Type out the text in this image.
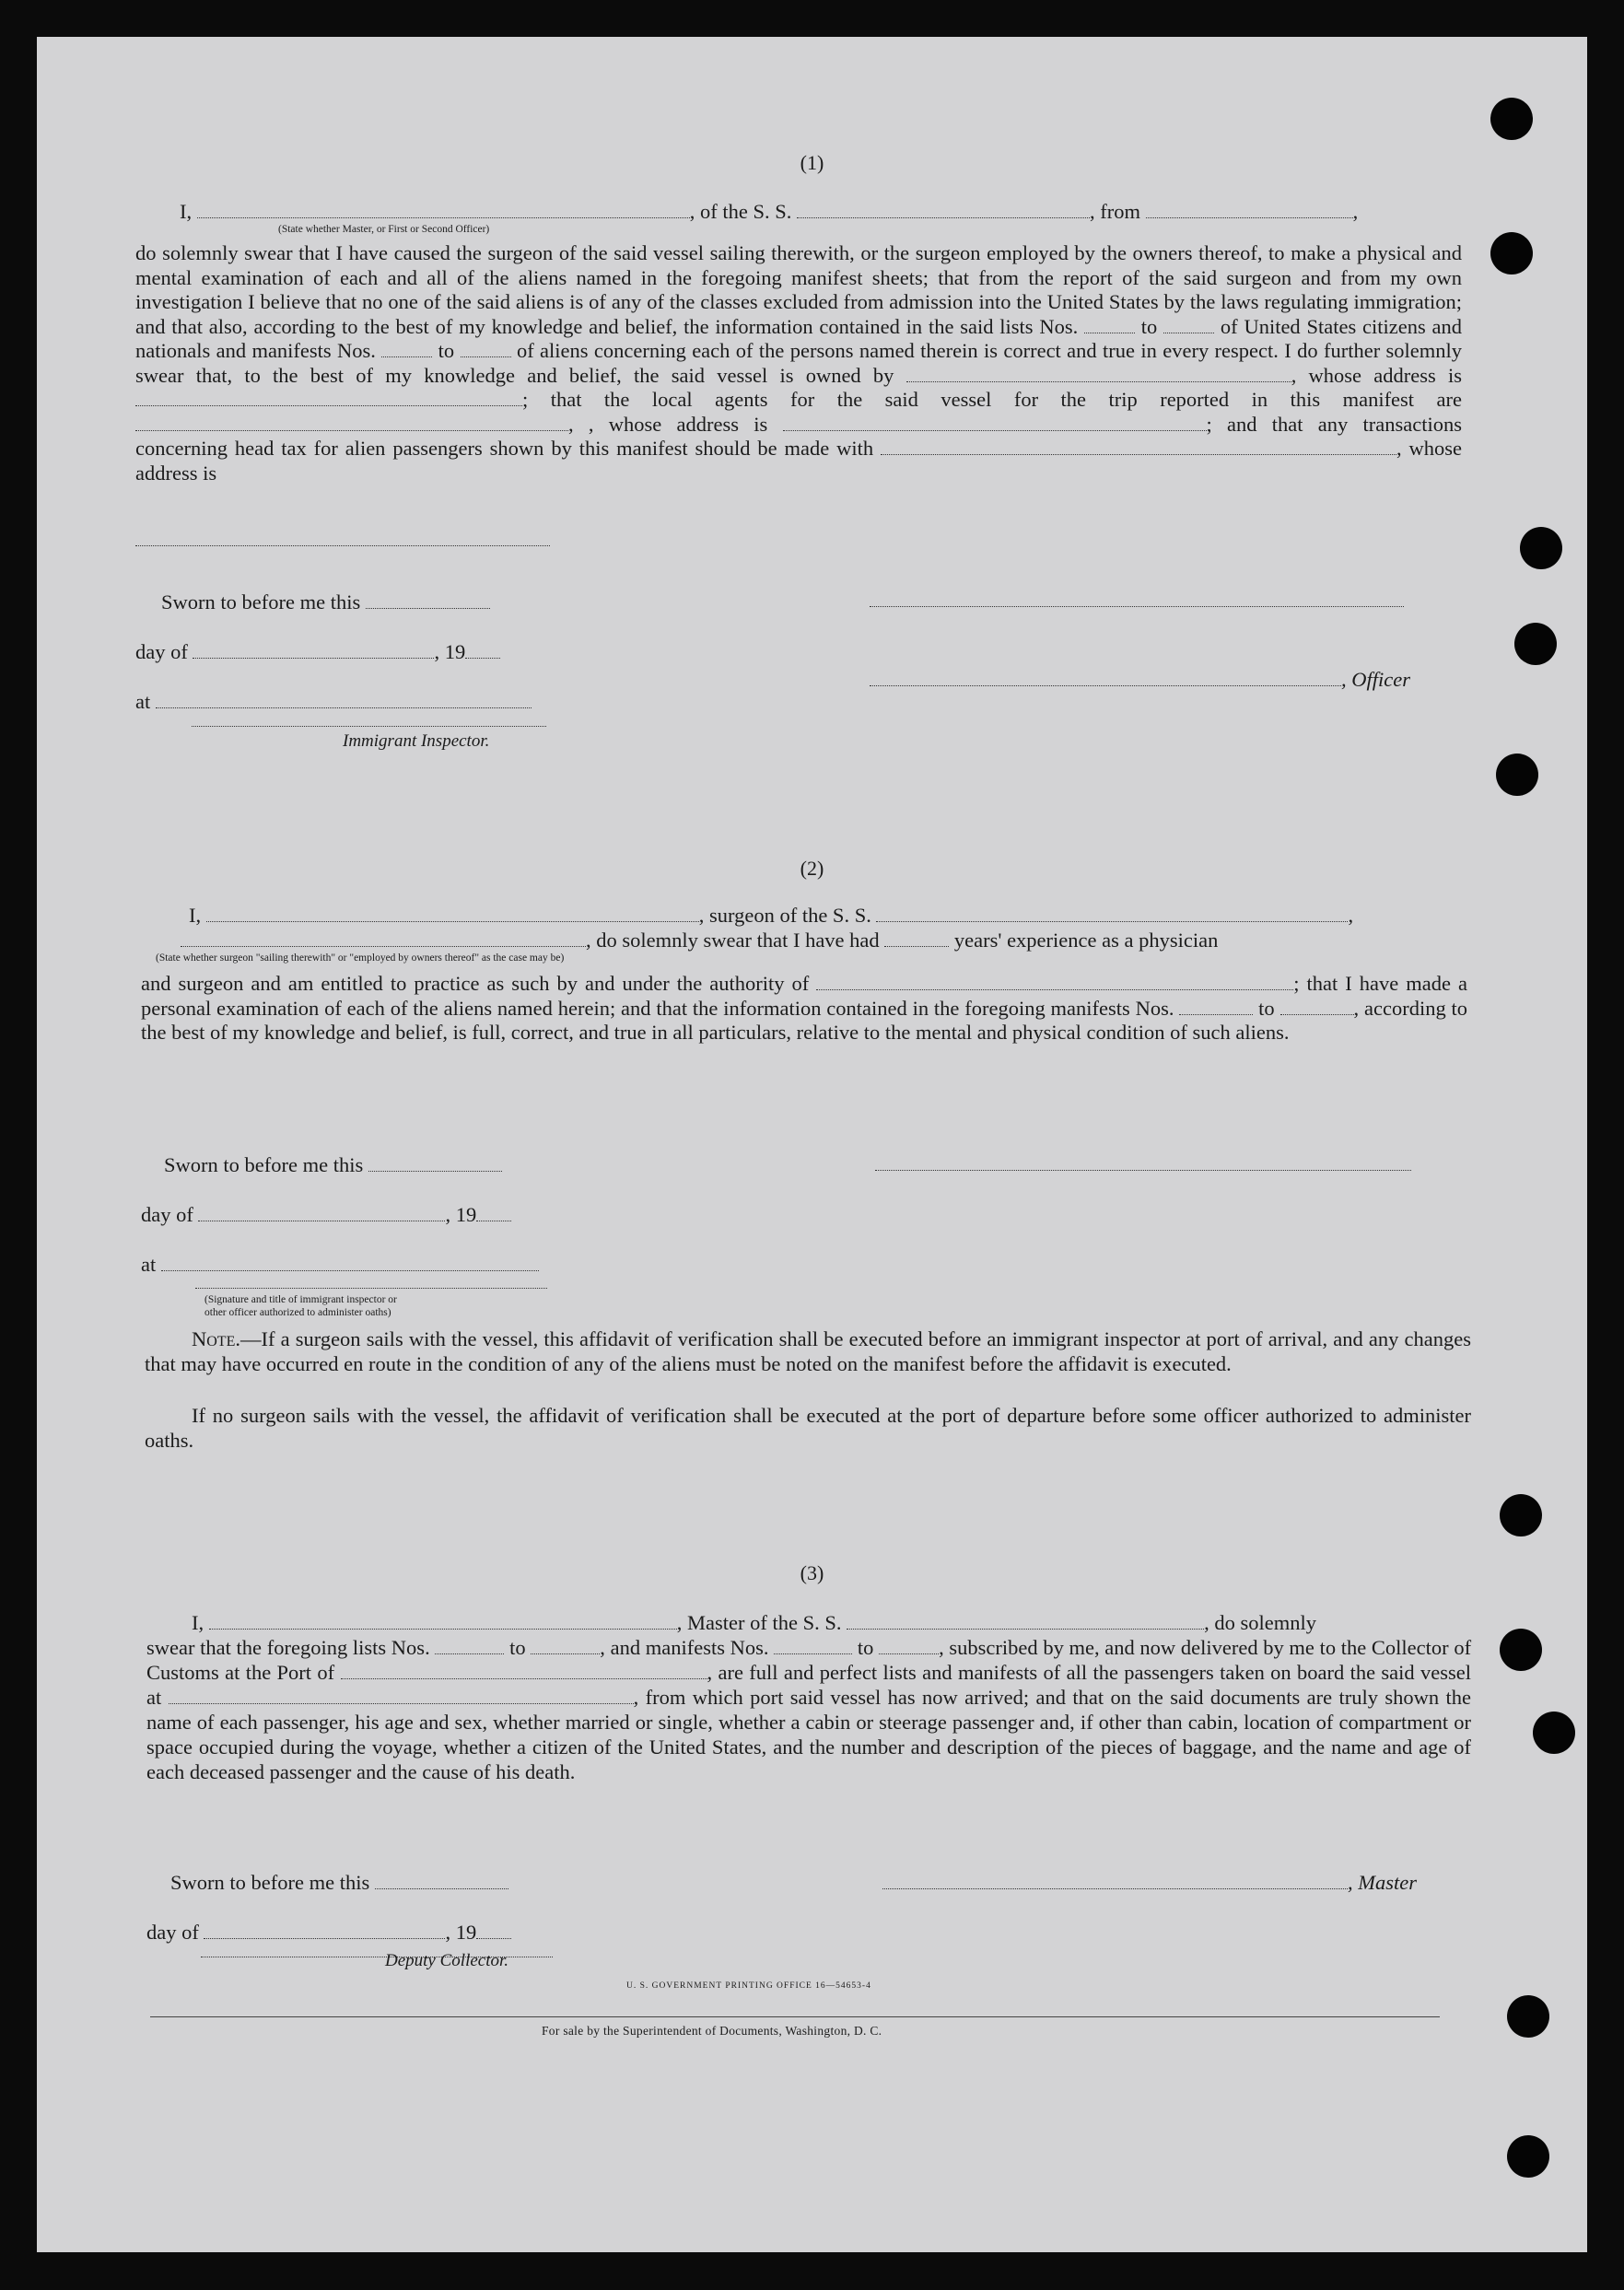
(1)
I,	, of the S. S.	, from	,
(State whether Master, or First or Second Officer)

do solemnly swear that I have caused the surgeon of the said vessel sailing therewith, or the surgeon employed by the owners thereof, to make a physical and mental examination of each and all of the aliens named in the foregoing manifest sheets; that from the report of the said surgeon and from my own investigation I believe that no one of the said aliens is of any of the classes excluded from admission into the United States by the laws regulating immigration; and that also, according to the best of my knowledge and belief, the information contained in the said lists Nos.	to	of United States citizens and nationals and manifests Nos.	to	of aliens concerning each of the persons named therein is correct and true in every respect. I do further solemnly swear that, to the best of my knowledge and belief, the said vessel is owned by	, whose address is ; that the local agents for the said vessel for the trip reported in this manifest are , , whose address is	; and that any transactions concerning head tax for alien passengers shown by this manifest should be made with	, whose address is

Sworn to before me this
day of	, 19
, Officer
at
Immigrant Inspector.
(2)
I,	, surgeon of the S. S.	,
, do solemnly swear that I have had	years' experience as a physician
(State whether surgeon "sailing therewith" or "employed by owners thereof" as the case may be)

and surgeon and am entitled to practice as such by and under the authority of	; that I have made a personal examination of each of the aliens named herein; and that the information contained in the foregoing manifests Nos.	to	, according to the best of my knowledge and belief, is full, correct, and true in all particulars, relative to the mental and physical condition of such aliens.

Sworn to before me this
day of	, 19
at
(Signature and title of immigrant inspector or
other officer authorized to administer oaths)

Note.—If a surgeon sails with the vessel, this affidavit of verification shall be executed before an immigrant inspector at port of arrival, and any changes that may have occurred en route in the condition of any of the aliens must be noted on the manifest before the affidavit is executed.

If no surgeon sails with the vessel, the affidavit of verification shall be executed at the port of departure before some officer authorized to administer oaths.

(3)
I,	, Master of the S. S.	, do solemnly

swear that the foregoing lists Nos.	to	, and manifests Nos.	to	, subscribed by me, and now delivered by me to the Collector of Customs at the Port of	, are full and perfect lists and manifests of all the passengers taken on board the said vessel at	, from which port said vessel has now arrived; and that on the said documents are truly shown the name of each passenger, his age and sex, whether married or single, whether a cabin or steerage passenger and, if other than cabin, location of compartment or space occupied during the voyage, whether a citizen of the United States, and the number and description of the pieces of baggage, and the name and age of each deceased passenger and the cause of his death.

Sworn to before me this	, Master
day of	, 19
Deputy Collector.
U. S. GOVERNMENT PRINTING OFFICE 16—54653-4
For sale by the Superintendent of Documents, Washington, D. C.
